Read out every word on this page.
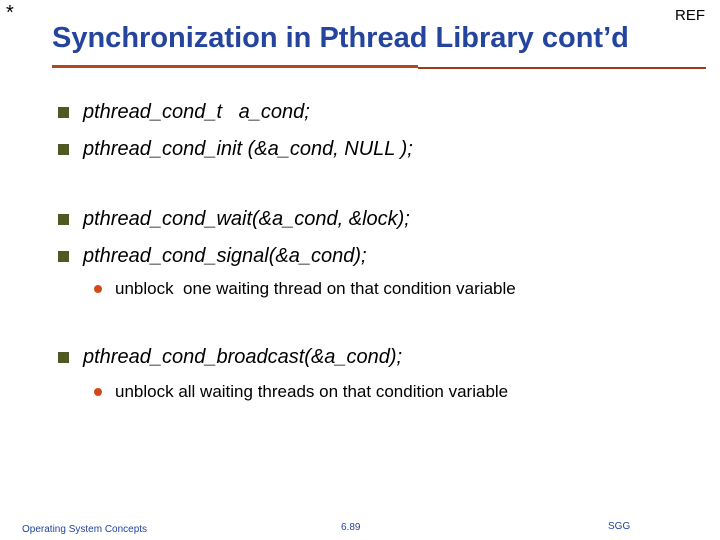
*	REF
Synchronization in Pthread Library cont’d
pthread_cond_t   a_cond;
pthread_cond_init (&a_cond, NULL );
pthread_cond_wait(&a_cond, &lock);
pthread_cond_signal(&a_cond);
unblock  one waiting thread on that condition variable
pthread_cond_broadcast(&a_cond);
unblock all waiting threads on that condition variable
Operating System Concepts	6.89	SGG
